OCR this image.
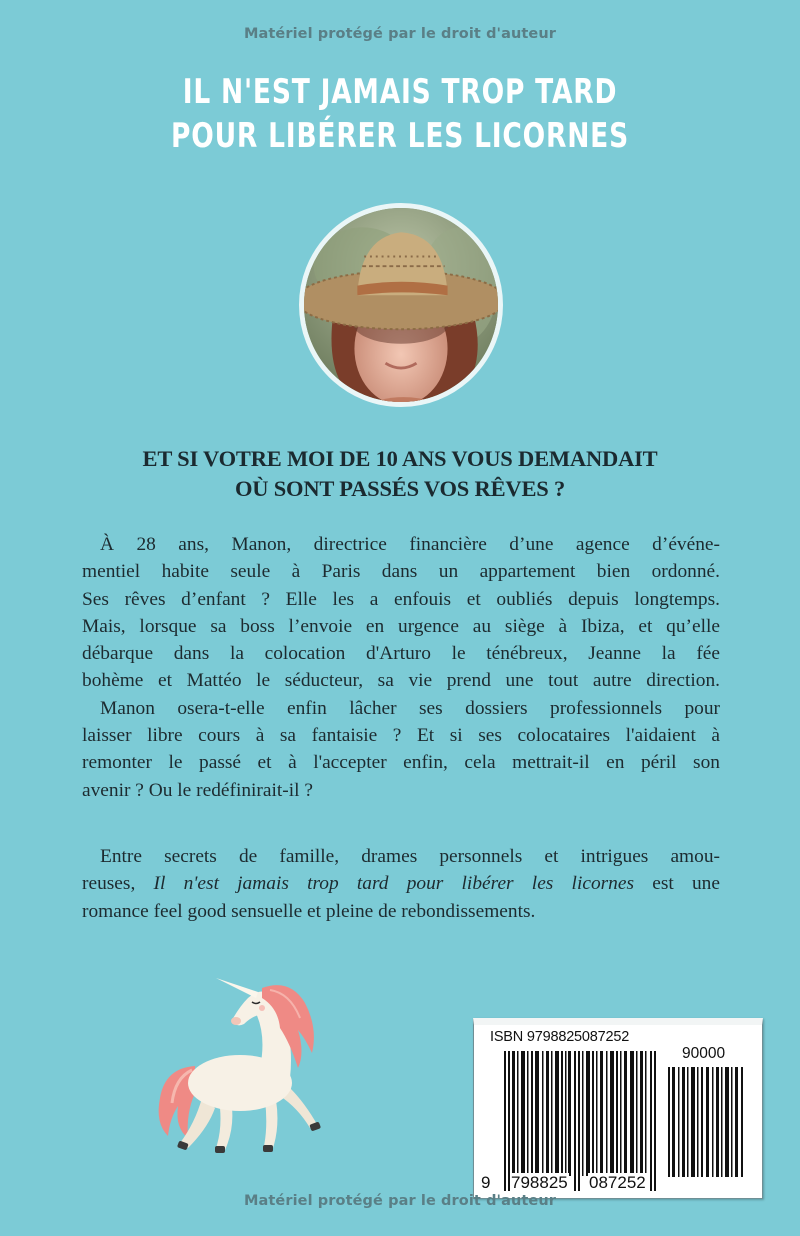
Matériel protégé par le droit d'auteur
IL N'EST JAMAIS TROP TARD
POUR LIBÉRER LES LICORNES
ET SI VOTRE MOI DE 10 ANS VOUS DEMANDAIT
OÙ SONT PASSÉS VOS RÊVES ?
À 28 ans, Manon, directrice financière d’une agence d’événe-
mentiel habite seule à Paris dans un appartement bien ordonné.
Ses rêves d’enfant ? Elle les a enfouis et oubliés depuis longtemps.
Mais, lorsque sa boss l’envoie en urgence au siège à Ibiza, et qu’elle
débarque dans la colocation d'Arturo le ténébreux, Jeanne la fée
bohème et Mattéo le séducteur, sa vie prend une tout autre direction.
Manon osera-t-elle enfin lâcher ses dossiers professionnels pour
laisser libre cours à sa fantaisie ? Et si ses colocataires l'aidaient à
remonter le passé et à l'accepter enfin, cela mettrait-il en péril son
avenir ? Ou le redéfinirait-il ?
Entre secrets de famille, drames personnels et intrigues amou-
reuses, Il n'est jamais trop tard pour libérer les licornes est une
romance feel good sensuelle et pleine de rebondissements.
ISBN 9798825087252
90000
9 798825 087252
Matériel protégé par le droit d'auteur
